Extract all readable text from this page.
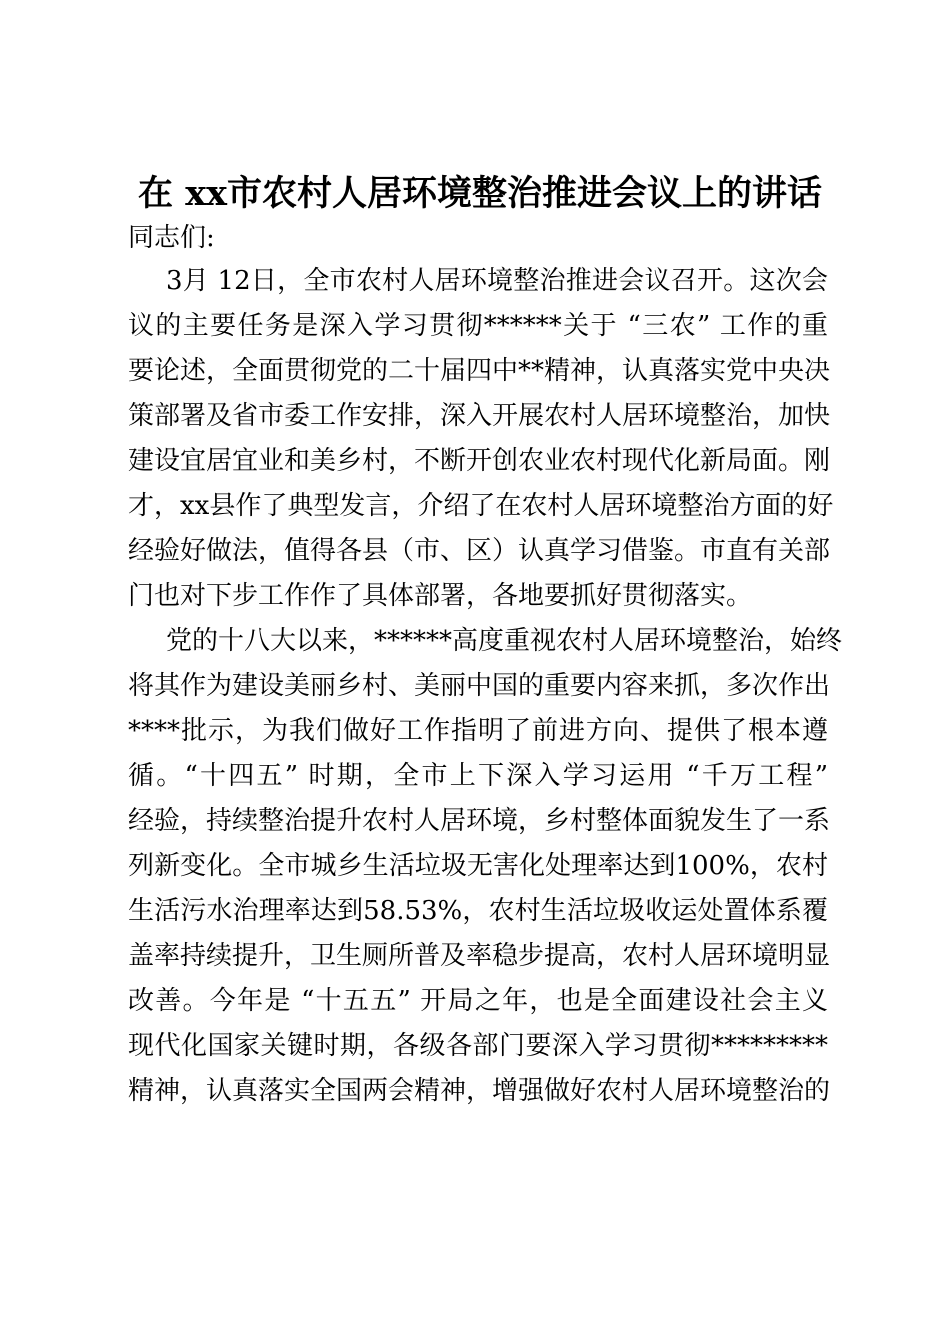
在 xx市农村人居环境整治推进会议上的讲话
同志们:
3月 12日，全市农村人居环境整治推进会议召开。这次会
议的主要任务是深入学习贯彻******关于 “三农” 工作的重
要论述，全面贯彻党的二十届四中**精神，认真落实党中央决
策部署及省市委工作安排，深入开展农村人居环境整治，加快
建设宜居宜业和美乡村，不断开创农业农村现代化新局面。刚
才，xx县作了典型发言，介绍了在农村人居环境整治方面的好
经验好做法，值得各县（市、区）认真学习借鉴。市直有关部
门也对下步工作作了具体部署，各地要抓好贯彻落实。
党的十八大以来，******高度重视农村人居环境整治，始终
将其作为建设美丽乡村、美丽中国的重要内容来抓，多次作出
****批示，为我们做好工作指明了前进方向、提供了根本遵
循。“十四五” 时期，全市上下深入学习运用 “千万工程”
经验，持续整治提升农村人居环境，乡村整体面貌发生了一系
列新变化。全市城乡生活垃圾无害化处理率达到100%，农村
生活污水治理率达到58.53%，农村生活垃圾收运处置体系覆
盖率持续提升，卫生厕所普及率稳步提高，农村人居环境明显
改善。今年是 “十五五” 开局之年，也是全面建设社会主义
现代化国家关键时期，各级各部门要深入学习贯彻*********
精神，认真落实全国两会精神，增强做好农村人居环境整治的
